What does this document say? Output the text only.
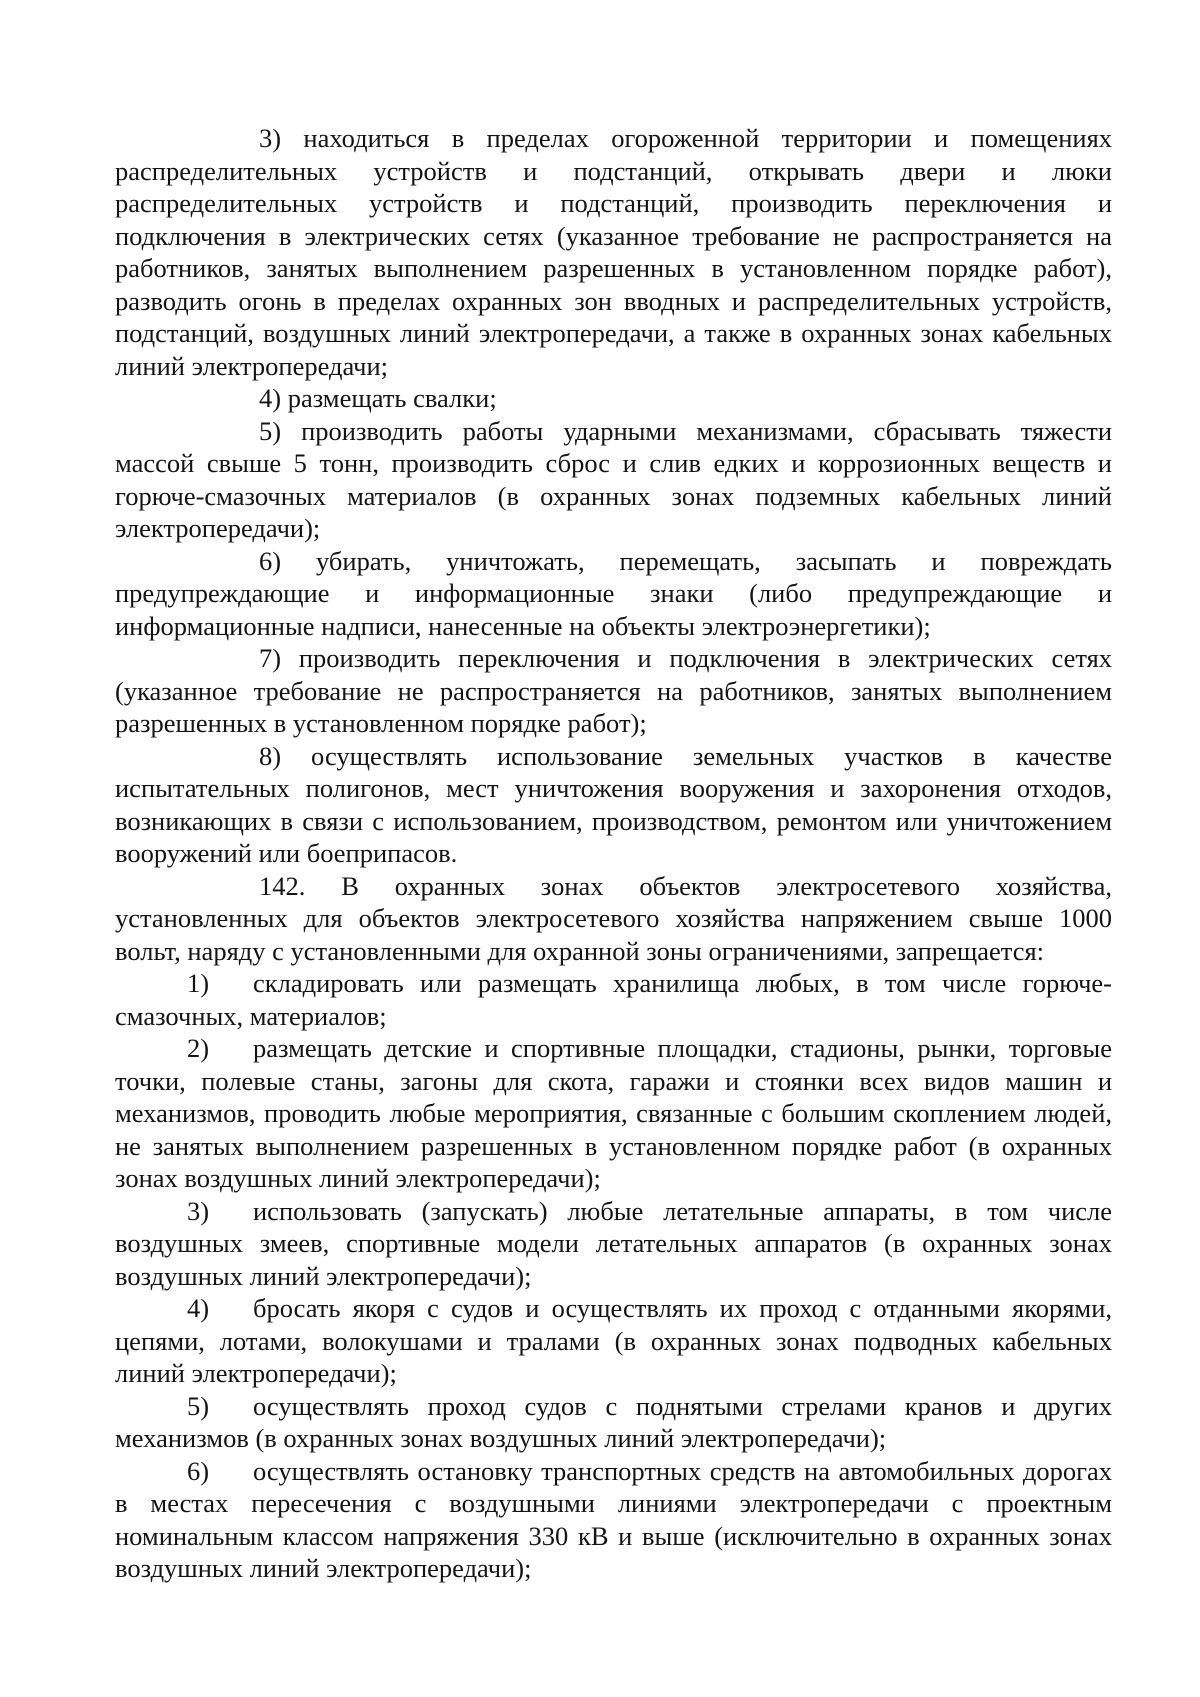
3) находиться в пределах огороженной территории и помещениях распределительных устройств и подстанций, открывать двери и люки распределительных устройств и подстанций, производить переключения и подключения в электрических сетях (указанное требование не распространяется на работников, занятых выполнением разрешенных в установленном порядке работ), разводить огонь в пределах охранных зон вводных и распределительных устройств, подстанций, воздушных линий электропередачи, а также в охранных зонах кабельных линий электропередачи;

4) размещать свалки;

5) производить работы ударными механизмами, сбрасывать тяжести массой свыше 5 тонн, производить сброс и слив едких и коррозионных веществ и горюче-смазочных материалов (в охранных зонах подземных кабельных линий электропередачи);

6) убирать, уничтожать, перемещать, засыпать и повреждать предупреждающие и информационные знаки (либо предупреждающие и информационные надписи, нанесенные на объекты электроэнергетики);

7) производить переключения и подключения в электрических сетях (указанное требование не распространяется на работников, занятых выполнением разрешенных в установленном порядке работ);

8) осуществлять использование земельных участков в качестве испытательных полигонов, мест уничтожения вооружения и захоронения отходов, возникающих в связи с использованием, производством, ремонтом или уничтожением вооружений или боеприпасов.

142. В охранных зонах объектов электросетевого хозяйства, установленных для объектов электросетевого хозяйства напряжением свыше 1000 вольт, наряду с установленными для охранной зоны ограничениями, запрещается:

1) складировать или размещать хранилища любых, в том числе горюче-смазочных, материалов;

2) размещать детские и спортивные площадки, стадионы, рынки, торговые точки, полевые станы, загоны для скота, гаражи и стоянки всех видов машин и механизмов, проводить любые мероприятия, связанные с большим скоплением людей, не занятых выполнением разрешенных в установленном порядке работ (в охранных зонах воздушных линий электропередачи);

3) использовать (запускать) любые летательные аппараты, в том числе воздушных змеев, спортивные модели летательных аппаратов (в охранных зонах воздушных линий электропередачи);

4) бросать якоря с судов и осуществлять их проход с отданными якорями, цепями, лотами, волокушами и тралами (в охранных зонах подводных кабельных линий электропередачи);

5) осуществлять проход судов с поднятыми стрелами кранов и других механизмов (в охранных зонах воздушных линий электропередачи);

6) осуществлять остановку транспортных средств на автомобильных дорогах в местах пересечения с воздушными линиями электропередачи с проектным номинальным классом напряжения 330 кВ и выше (исключительно в охранных зонах воздушных линий электропередачи);
